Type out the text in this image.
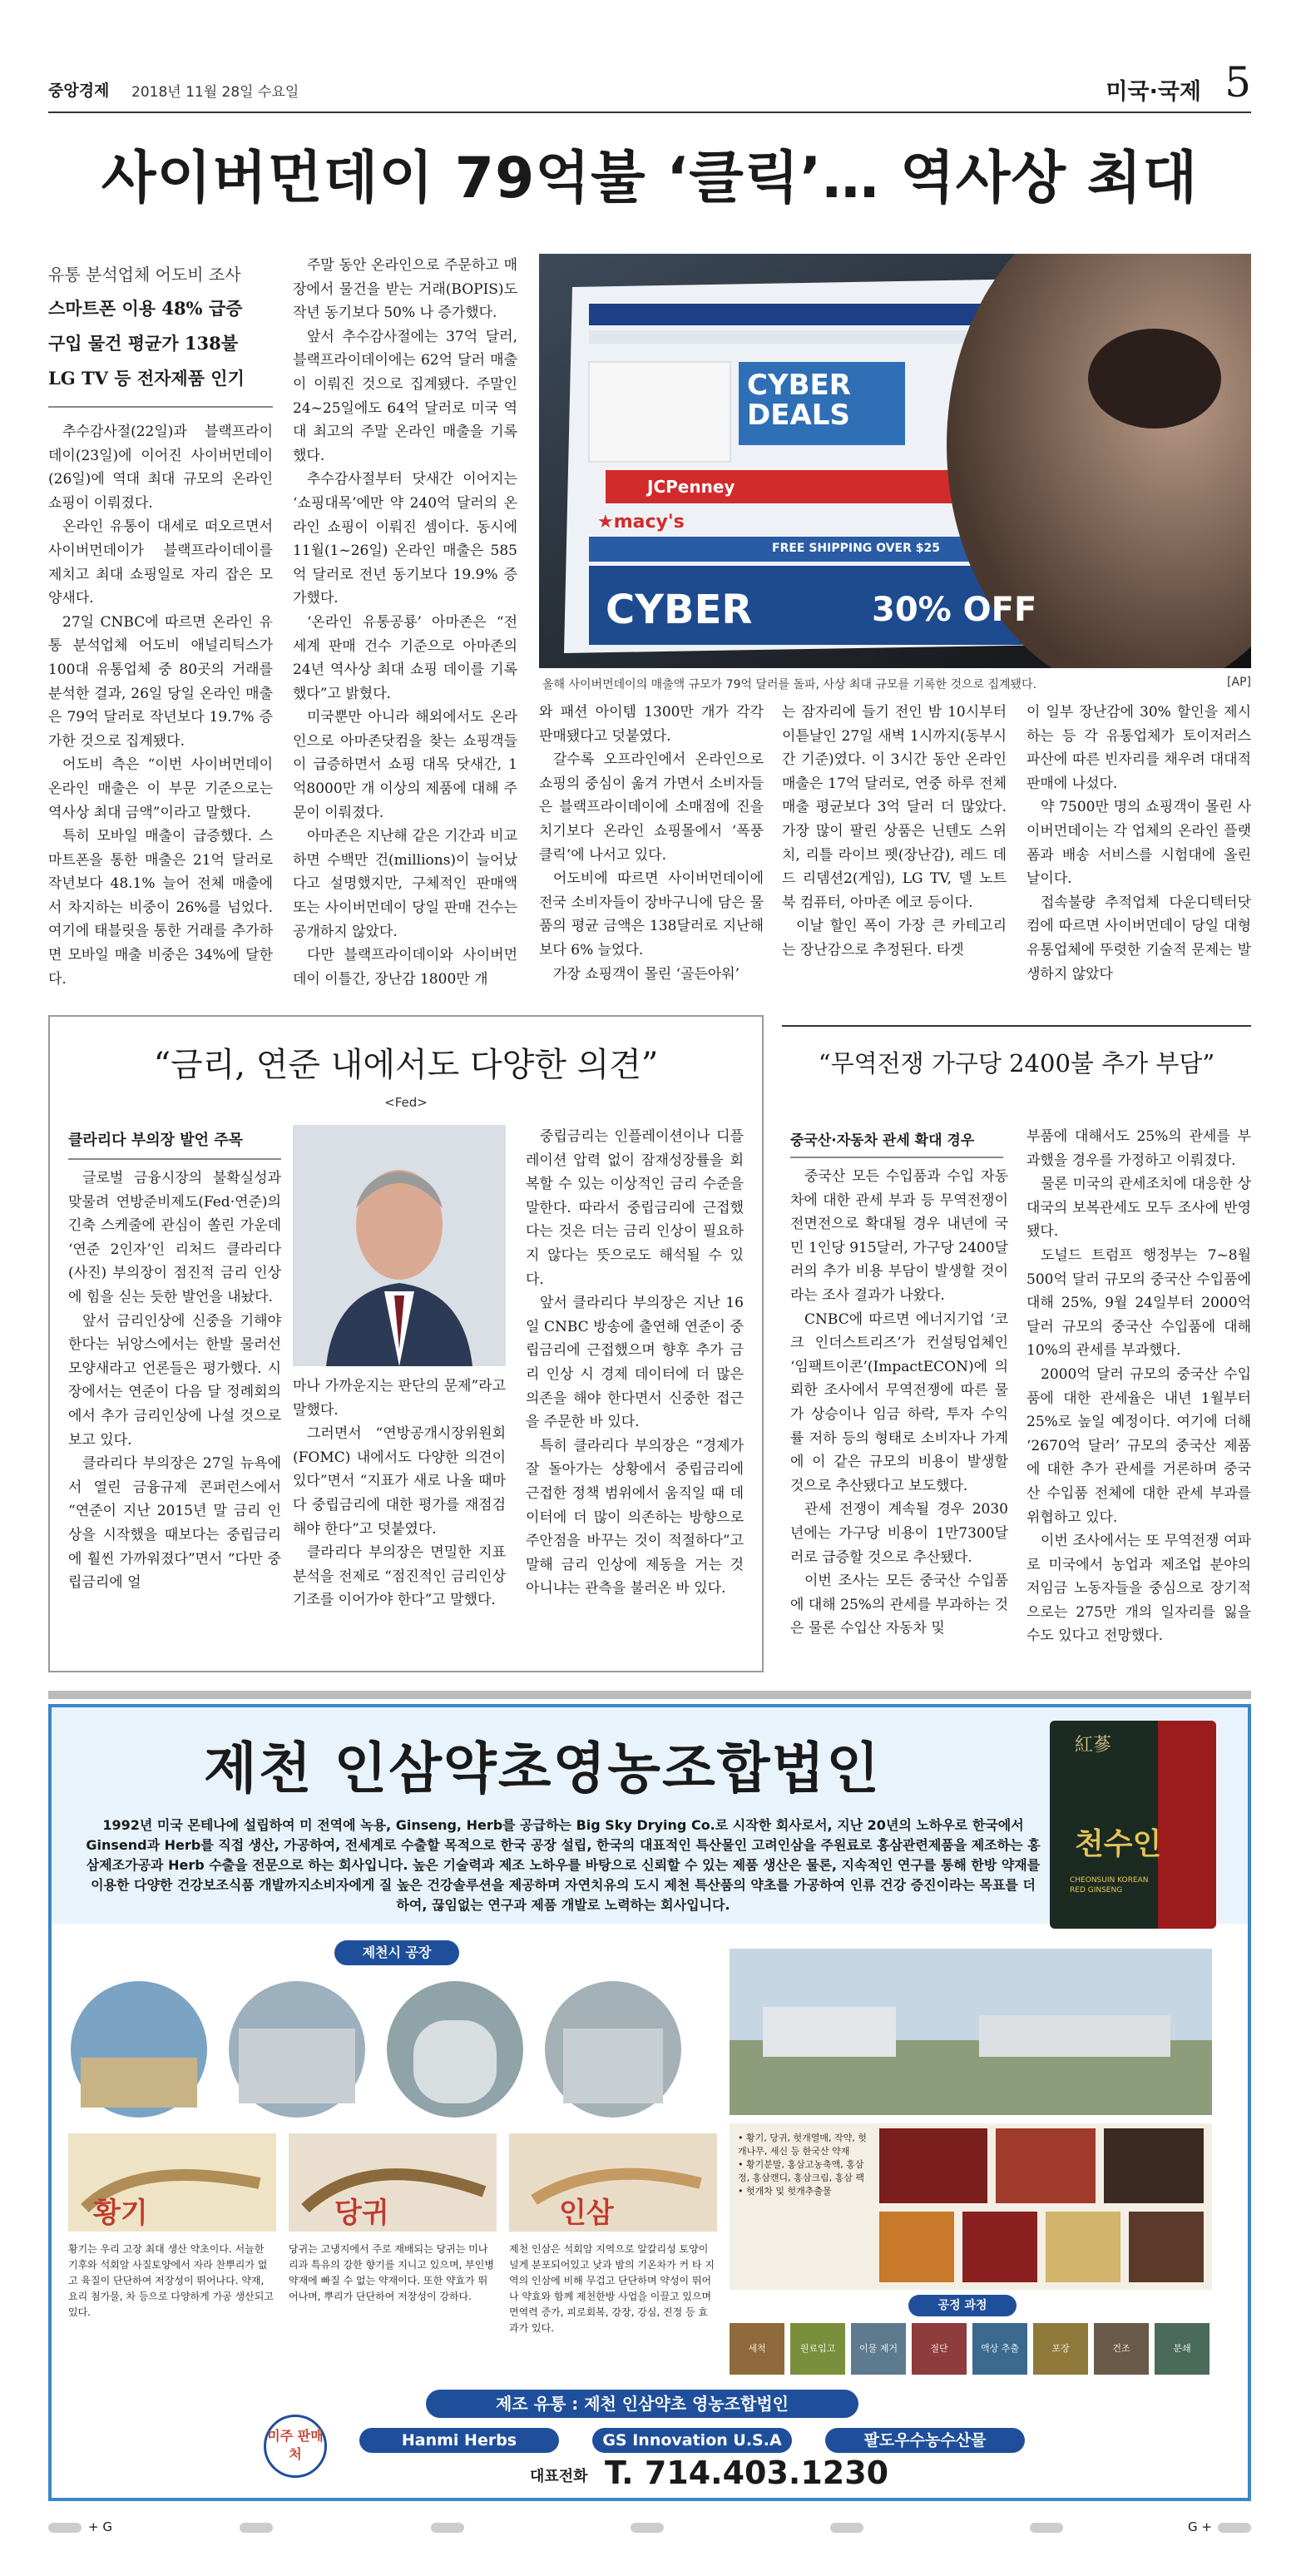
중앙경제 2018년 11월 28일 수요일	미국·국제 5
사이버먼데이 79억불 ‘클릭’… 역사상 최대
유통 분석업체 어도비 조사
스마트폰 이용 48% 급증
구입 물건 평균가 138불
LG TV 등 전자제품 인기

추수감사절(22일)과 블랙프라이데이(23일)에 이어진 사이버먼데이(26일)에 역대 최대 규모의 온라인 쇼핑이 이뤄졌다.

온라인 유통이 대세로 떠오르면서 사이버먼데이가 블랙프라이데이를 제치고 최대 쇼핑일로 자리 잡은 모양새다.

27일 CNBC에 따르면 온라인 유통 분석업체 어도비 애널리틱스가 100대 유통업체 중 80곳의 거래를 분석한 결과, 26일 당일 온라인 매출은 79억 달러로 작년보다 19.7% 증가한 것으로 집계됐다.

어도비 측은 “이번 사이버먼데이 온라인 매출은 이 부문 기준으로는 역사상 최대 금액”이라고 말했다.

특히 모바일 매출이 급증했다. 스마트폰을 통한 매출은 21억 달러로 작년보다 48.1% 늘어 전체 매출에서 차지하는 비중이 26%를 넘었다. 여기에 태블릿을 통한 거래를 추가하면 모바일 매출 비중은 34%에 달한다.

주말 동안 온라인으로 주문하고 매장에서 물건을 받는 거래(BOPIS)도 작년 동기보다 50% 나 증가했다.

앞서 추수감사절에는 37억 달러, 블랙프라이데이에는 62억 달러 매출이 이뤄진 것으로 집계됐다. 주말인 24~25일에도 64억 달러로 미국 역대 최고의 주말 온라인 매출을 기록했다.

추수감사절부터 닷새간 이어지는 ‘쇼핑대목’에만 약 240억 달러의 온라인 쇼핑이 이뤄진 셈이다. 동시에 11월(1~26일) 온라인 매출은 585억 달러로 전년 동기보다 19.9% 증가했다.

‘온라인 유통공룡’ 아마존은 “전 세계 판매 건수 기준으로 아마존의 24년 역사상 최대 쇼핑 데이를 기록했다”고 밝혔다.

미국뿐만 아니라 해외에서도 온라인으로 아마존닷컴을 찾는 쇼핑객들이 급증하면서 쇼핑 대목 닷새간, 1억8000만 개 이상의 제품에 대해 주문이 이뤄졌다.

아마존은 지난해 같은 기간과 비교하면 수백만 건(millions)이 늘어났다고 설명했지만, 구체적인 판매액 또는 사이버먼데이 당일 판매 건수는 공개하지 않았다.

다만 블랙프라이데이와 사이버먼데이 이틀간, 장난감 1800만 개

CYBER DEALS
JCPenney
★macy's
FREE SHIPPING OVER $25
CYBER	30% OFF
올해 사이버먼데이의 매출액 규모가 79억 달러를 돌파, 사상 최대 규모를 기록한 것으로 집계됐다.	[AP]

와 패션 아이템 1300만 개가 각각 판매됐다고 덧붙였다.

갈수록 오프라인에서 온라인으로 쇼핑의 중심이 옮겨 가면서 소비자들은 블랙프라이데이에 소매점에 진을 치기보다 온라인 쇼핑몰에서 ‘폭풍 클릭’에 나서고 있다.

어도비에 따르면 사이버먼데이에 전국 소비자들이 장바구니에 담은 물품의 평균 금액은 138달러로 지난해보다 6% 늘었다.

가장 쇼핑객이 몰린 ‘골든아워’

는 잠자리에 들기 전인 밤 10시부터 이튿날인 27일 새벽 1시까지(동부시간 기준)였다. 이 3시간 동안 온라인 매출은 17억 달러로, 연중 하루 전체 매출 평균보다 3억 달러 더 많았다. 가장 많이 팔린 상품은 닌텐도 스위치, 리틀 라이브 펫(장난감), 레드 데드 리뎀션2(게임), LG TV, 델 노트북 컴퓨터, 아마존 에코 등이다.

이날 할인 폭이 가장 큰 카테고리는 장난감으로 추정된다. 타겟

이 일부 장난감에 30% 할인을 제시하는 등 각 유통업체가 토이저러스 파산에 따른 빈자리를 채우려 대대적 판매에 나섰다.

약 7500만 명의 쇼핑객이 몰린 사이버먼데이는 각 업체의 온라인 플랫폼과 배송 서비스를 시험대에 올린 날이다.

접속불량 추적업체 다운디텍터닷컴에 따르면 사이버먼데이 당일 대형 유통업체에 뚜렷한 기술적 문제는 발생하지 않았다

“금리, 연준 내에서도 다양한 의견”
<Fed>
클라리다 부의장 발언 주목

글로벌 금융시장의 불확실성과 맞물려 연방준비제도(Fed·연준)의 긴축 스케줄에 관심이 쏠린 가운데 ‘연준 2인자’인 리처드 클라리다(사진) 부의장이 점진적 금리 인상에 힘을 싣는 듯한 발언을 내놨다.

앞서 금리인상에 신중을 기해야 한다는 뉘앙스에서는 한발 물러선 모양새라고 언론들은 평가했다. 시장에서는 연준이 다음 달 정례회의에서 추가 금리인상에 나설 것으로 보고 있다.

클라리다 부의장은 27일 뉴욕에서 열린 금융규제 콘퍼런스에서 “연준이 지난 2015년 말 금리 인상을 시작했을 때보다는 중립금리에 훨씬 가까워졌다”면서 “다만 중립금리에 얼

마나 가까운지는 판단의 문제”라고 말했다.

그러면서 “연방공개시장위원회(FOMC) 내에서도 다양한 의견이 있다”면서 “지표가 새로 나올 때마다 중립금리에 대한 평가를 재점검해야 한다”고 덧붙였다.

클라리다 부의장은 면밀한 지표 분석을 전제로 “점진적인 금리인상 기조를 이어가야 한다”고 말했다.

중립금리는 인플레이션이나 디플레이션 압력 없이 잠재성장률을 회복할 수 있는 이상적인 금리 수준을 말한다. 따라서 중립금리에 근접했다는 것은 더는 금리 인상이 필요하지 않다는 뜻으로도 해석될 수 있다.

앞서 클라리다 부의장은 지난 16일 CNBC 방송에 출연해 연준이 중립금리에 근접했으며 향후 추가 금리 인상 시 경제 데이터에 더 많은 의존을 해야 한다면서 신중한 접근을 주문한 바 있다.

특히 클라리다 부의장은 “경제가 잘 돌아가는 상황에서 중립금리에 근접한 정책 범위에서 움직일 때 데이터에 더 많이 의존하는 방향으로 주안점을 바꾸는 것이 적절하다”고 말해 금리 인상에 제동을 거는 것 아니냐는 관측을 불러온 바 있다.

“무역전쟁 가구당 2400불 추가 부담”
중국산·자동차 관세 확대 경우

중국산 모든 수입품과 수입 자동차에 대한 관세 부과 등 무역전쟁이 전면전으로 확대될 경우 내년에 국민 1인당 915달러, 가구당 2400달러의 추가 비용 부담이 발생할 것이라는 조사 결과가 나왔다.

CNBC에 따르면 에너지기업 ‘코크 인더스트리즈’가 컨설팅업체인 ‘임팩트이콘’(ImpactECON)에 의뢰한 조사에서 무역전쟁에 따른 물가 상승이나 임금 하락, 투자 수익률 저하 등의 형태로 소비자나 가계에 이 같은 규모의 비용이 발생할 것으로 추산됐다고 보도했다.

관세 전쟁이 계속될 경우 2030년에는 가구당 비용이 1만7300달러로 급증할 것으로 추산됐다.

이번 조사는 모든 중국산 수입품에 대해 25%의 관세를 부과하는 것은 물론 수입산 자동차 및

부품에 대해서도 25%의 관세를 부과했을 경우를 가정하고 이뤄졌다.

물론 미국의 관세조치에 대응한 상대국의 보복관세도 모두 조사에 반영됐다.

도널드 트럼프 행정부는 7~8월 500억 달러 규모의 중국산 수입품에 대해 25%, 9월 24일부터 2000억 달러 규모의 중국산 수입품에 대해 10%의 관세를 부과했다.

2000억 달러 규모의 중국산 수입품에 대한 관세율은 내년 1월부터 25%로 높일 예정이다. 여기에 더해 ‘2670억 달러’ 규모의 중국산 제품에 대한 추가 관세를 거론하며 중국산 수입품 전체에 대한 관세 부과를 위협하고 있다.

이번 조사에서는 또 무역전쟁 여파로 미국에서 농업과 제조업 분야의 저임금 노동자들을 중심으로 장기적으로는 275만 개의 일자리를 잃을 수도 있다고 전망했다.

제천 인삼약초영농조합법인
1992년 미국 몬테나에 설립하여 미 전역에 녹용, Ginseng, Herb를 공급하는 Big Sky Drying Co.로 시작한 회사로서, 지난 20년의 노하우로 한국에서 Ginsend과 Herb를 직접 생산, 가공하여, 전세계로 수출할 목적으로 한국 공장 설립, 한국의 대표적인 특산물인 고려인삼을 주원료로 홍삼관련제품을 제조하는 홍삼제조가공과 Herb 수출을 전문으로 하는 회사입니다. 높은 기술력과 제조 노하우를 바탕으로 신뢰할 수 있는 제품 생산은 물론, 지속적인 연구를 통해 한방 약재를 이용한 다양한 건강보조식품 개발까지소비자에게 질 높은 건강솔루션을 제공하며 자연치유의 도시 제천 특산품의 약초를 가공하여 인류 건강 증진이라는 목표를 더하여, 끊임없는 연구과 제품 개발로 노력하는 회사입니다.
紅蔘
천수인
CHEONSUIN KOREAN RED GINSENG
제천시 공장
• 황기, 당귀, 헛개열매, 작약, 헛개나무, 세신 등 한국산 약재
• 황기분말, 홍삼고농축액, 홍삼정, 홍삼캔디, 홍삼크림, 홍삼 팩
• 헛개차 및 헛개추출물
황기	당귀	인삼
황기는 우리 고장 최대 생산 약초이다. 서늘한 기후와 석회암 사질토양에서 자라 찬뿌리가 없고 육질이 단단하여 저장성이 뛰어나다. 약재, 요리 첨가물, 차 등으로 다양하게 가공 생산되고 있다.
당귀는 고냉지에서 주로 재배되는 당귀는 미나리과 특유의 강한 향기를 지니고 있으며, 부인병 약재에 빠질 수 없는 약재이다. 또한 약효가 뛰어나며, 뿌리가 단단하여 저장성이 강하다.
제천 인삼은 석회암 지역으로 알칼리성 토양이 널게 분포되어있고 낮과 밤의 기온차가 커 타 지역의 인삼에 비해 무겁고 단단하며 약성이 뛰어나 약효와 함께 제천한방 사업을 이끌고 있으며 면역력 증가, 피로회복, 강장, 강심, 진정 등 효과가 있다.
공정 과정
세척	원료입고	이물 제거	절단	액상 추출	포장	건조	분쇄
제조 유통 : 제천 인삼약초 영농조합법인
미주 판매처
Hanmi Herbs	GS Innovation U.S.A	팔도우수농수산물
대표전화 T. 714.403.1230
+ G	G +
